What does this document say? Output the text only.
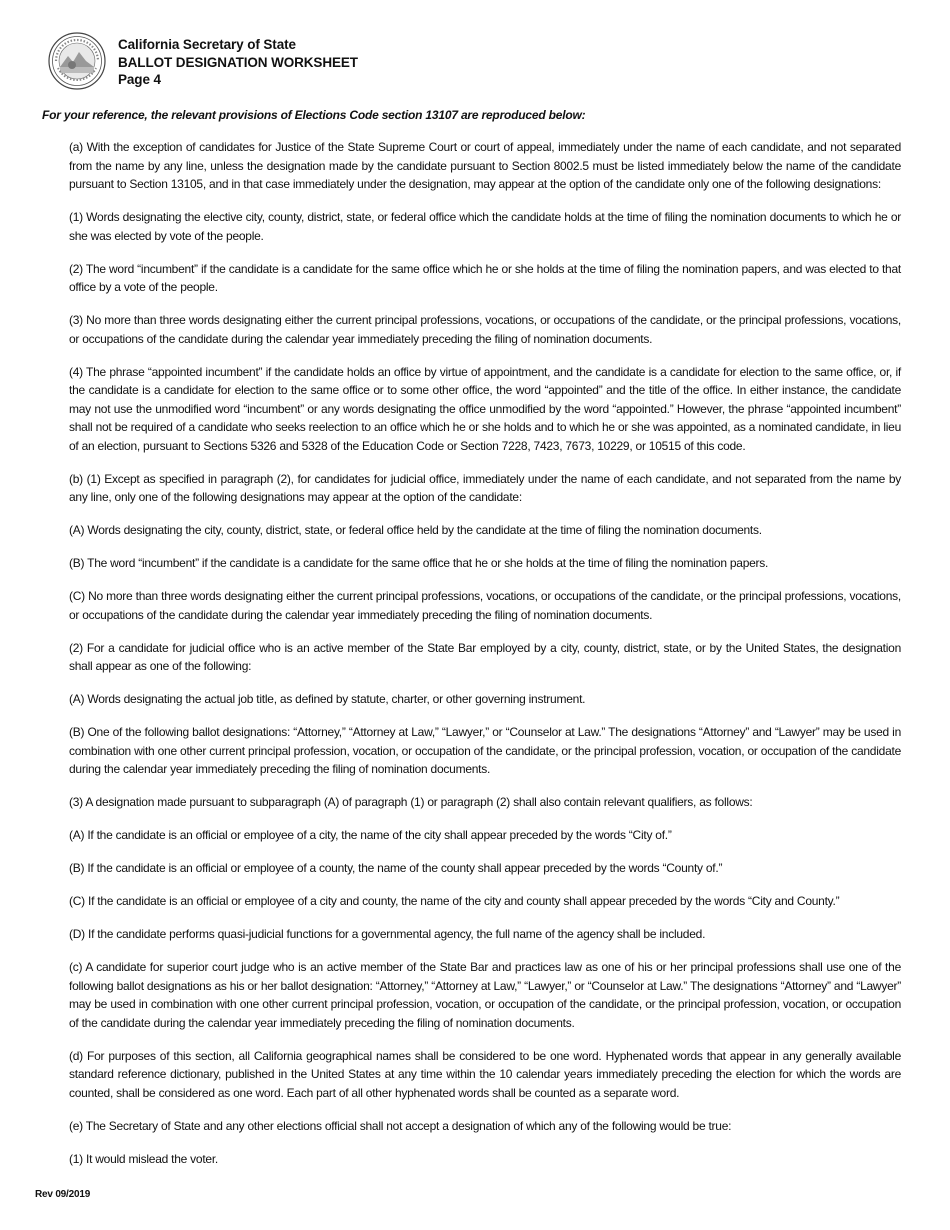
California Secretary of State
BALLOT DESIGNATION WORKSHEET
Page 4
For your reference, the relevant provisions of Elections Code section 13107 are reproduced below:

(a) With the exception of candidates for Justice of the State Supreme Court or court of appeal, immediately under the name of each candidate, and not separated from the name by any line, unless the designation made by the candidate pursuant to Section 8002.5 must be listed immediately below the name of the candidate pursuant to Section 13105, and in that case immediately under the designation, may appear at the option of the candidate only one of the following designations:

(1) Words designating the elective city, county, district, state, or federal office which the candidate holds at the time of filing the nomination documents to which he or she was elected by vote of the people.

(2) The word “incumbent” if the candidate is a candidate for the same office which he or she holds at the time of filing the nomination papers, and was elected to that office by a vote of the people.

(3) No more than three words designating either the current principal professions, vocations, or occupations of the candidate, or the principal professions, vocations, or occupations of the candidate during the calendar year immediately preceding the filing of nomination documents.

(4) The phrase “appointed incumbent” if the candidate holds an office by virtue of appointment, and the candidate is a candidate for election to the same office, or, if the candidate is a candidate for election to the same office or to some other office, the word “appointed” and the title of the office. In either instance, the candidate may not use the unmodified word “incumbent” or any words designating the office unmodified by the word “appointed.” However, the phrase “appointed incumbent” shall not be required of a candidate who seeks reelection to an office which he or she holds and to which he or she was appointed, as a nominated candidate, in lieu of an election, pursuant to Sections 5326 and 5328 of the Education Code or Section 7228, 7423, 7673, 10229, or 10515 of this code.

(b) (1) Except as specified in paragraph (2), for candidates for judicial office, immediately under the name of each candidate, and not separated from the name by any line, only one of the following designations may appear at the option of the candidate:

(A) Words designating the city, county, district, state, or federal office held by the candidate at the time of filing the nomination documents.

(B) The word “incumbent” if the candidate is a candidate for the same office that he or she holds at the time of filing the nomination papers.

(C) No more than three words designating either the current principal professions, vocations, or occupations of the candidate, or the principal professions, vocations, or occupations of the candidate during the calendar year immediately preceding the filing of nomination documents.

(2) For a candidate for judicial office who is an active member of the State Bar employed by a city, county, district, state, or by the United States, the designation shall appear as one of the following:

(A) Words designating the actual job title, as defined by statute, charter, or other governing instrument.

(B) One of the following ballot designations: “Attorney,” “Attorney at Law,” “Lawyer,” or “Counselor at Law.” The designations “Attorney” and “Lawyer” may be used in combination with one other current principal profession, vocation, or occupation of the candidate, or the principal profession, vocation, or occupation of the candidate during the calendar year immediately preceding the filing of nomination documents.

(3) A designation made pursuant to subparagraph (A) of paragraph (1) or paragraph (2) shall also contain relevant qualifiers, as follows:

(A) If the candidate is an official or employee of a city, the name of the city shall appear preceded by the words “City of.”

(B) If the candidate is an official or employee of a county, the name of the county shall appear preceded by the words “County of.”

(C) If the candidate is an official or employee of a city and county, the name of the city and county shall appear preceded by the words “City and County.”

(D) If the candidate performs quasi-judicial functions for a governmental agency, the full name of the agency shall be included.

(c) A candidate for superior court judge who is an active member of the State Bar and practices law as one of his or her principal professions shall use one of the following ballot designations as his or her ballot designation: “Attorney,” “Attorney at Law,” “Lawyer,” or “Counselor at Law.” The designations “Attorney” and “Lawyer” may be used in combination with one other current principal profession, vocation, or occupation of the candidate, or the principal profession, vocation, or occupation of the candidate during the calendar year immediately preceding the filing of nomination documents.

(d) For purposes of this section, all California geographical names shall be considered to be one word. Hyphenated words that appear in any generally available standard reference dictionary, published in the United States at any time within the 10 calendar years immediately preceding the election for which the words are counted, shall be considered as one word. Each part of all other hyphenated words shall be counted as a separate word.

(e) The Secretary of State and any other elections official shall not accept a designation of which any of the following would be true:

(1) It would mislead the voter.

Rev 09/2019
